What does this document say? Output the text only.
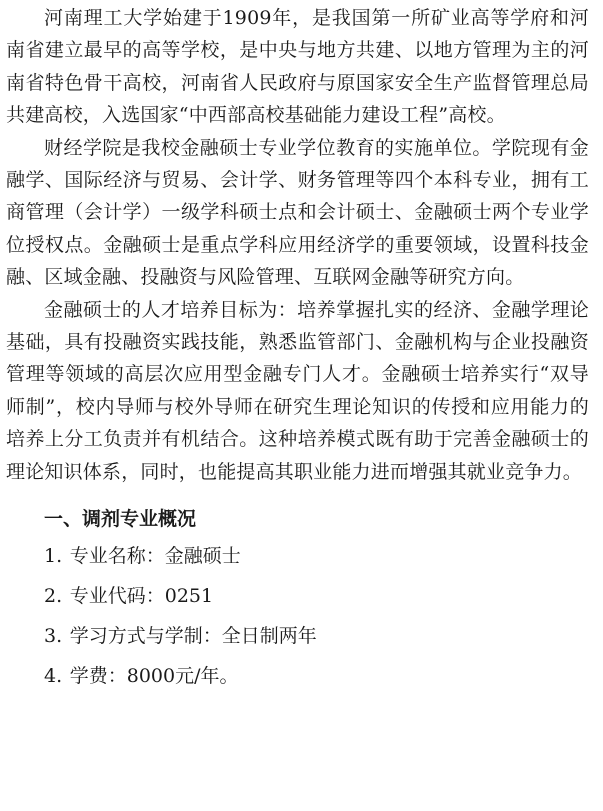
河南理工大学始建于1909年，是我国第一所矿业高等学府和河南省建立最早的高等学校，是中央与地方共建、以地方管理为主的河南省特色骨干高校，河南省人民政府与原国家安全生产监督管理总局共建高校，入选国家“中西部高校基础能力建设工程”高校。

财经学院是我校金融硕士专业学位教育的实施单位。学院现有金融学、国际经济与贸易、会计学、财务管理等四个本科专业，拥有工商管理（会计学）一级学科硕士点和会计硕士、金融硕士两个专业学位授权点。金融硕士是重点学科应用经济学的重要领域，设置科技金融、区域金融、投融资与风险管理、互联网金融等研究方向。

金融硕士的人才培养目标为：培养掌握扎实的经济、金融学理论基础，具有投融资实践技能，熟悉监管部门、金融机构与企业投融资管理等领域的高层次应用型金融专门人才。金融硕士培养实行“双导师制”，校内导师与校外导师在研究生理论知识的传授和应用能力的培养上分工负责并有机结合。这种培养模式既有助于完善金融硕士的理论知识体系，同时，也能提高其职业能力进而增强其就业竞争力。

一、调剂专业概况
1. 专业名称：金融硕士
2. 专业代码：0251
3. 学习方式与学制：全日制两年
4. 学费：8000元/年。
